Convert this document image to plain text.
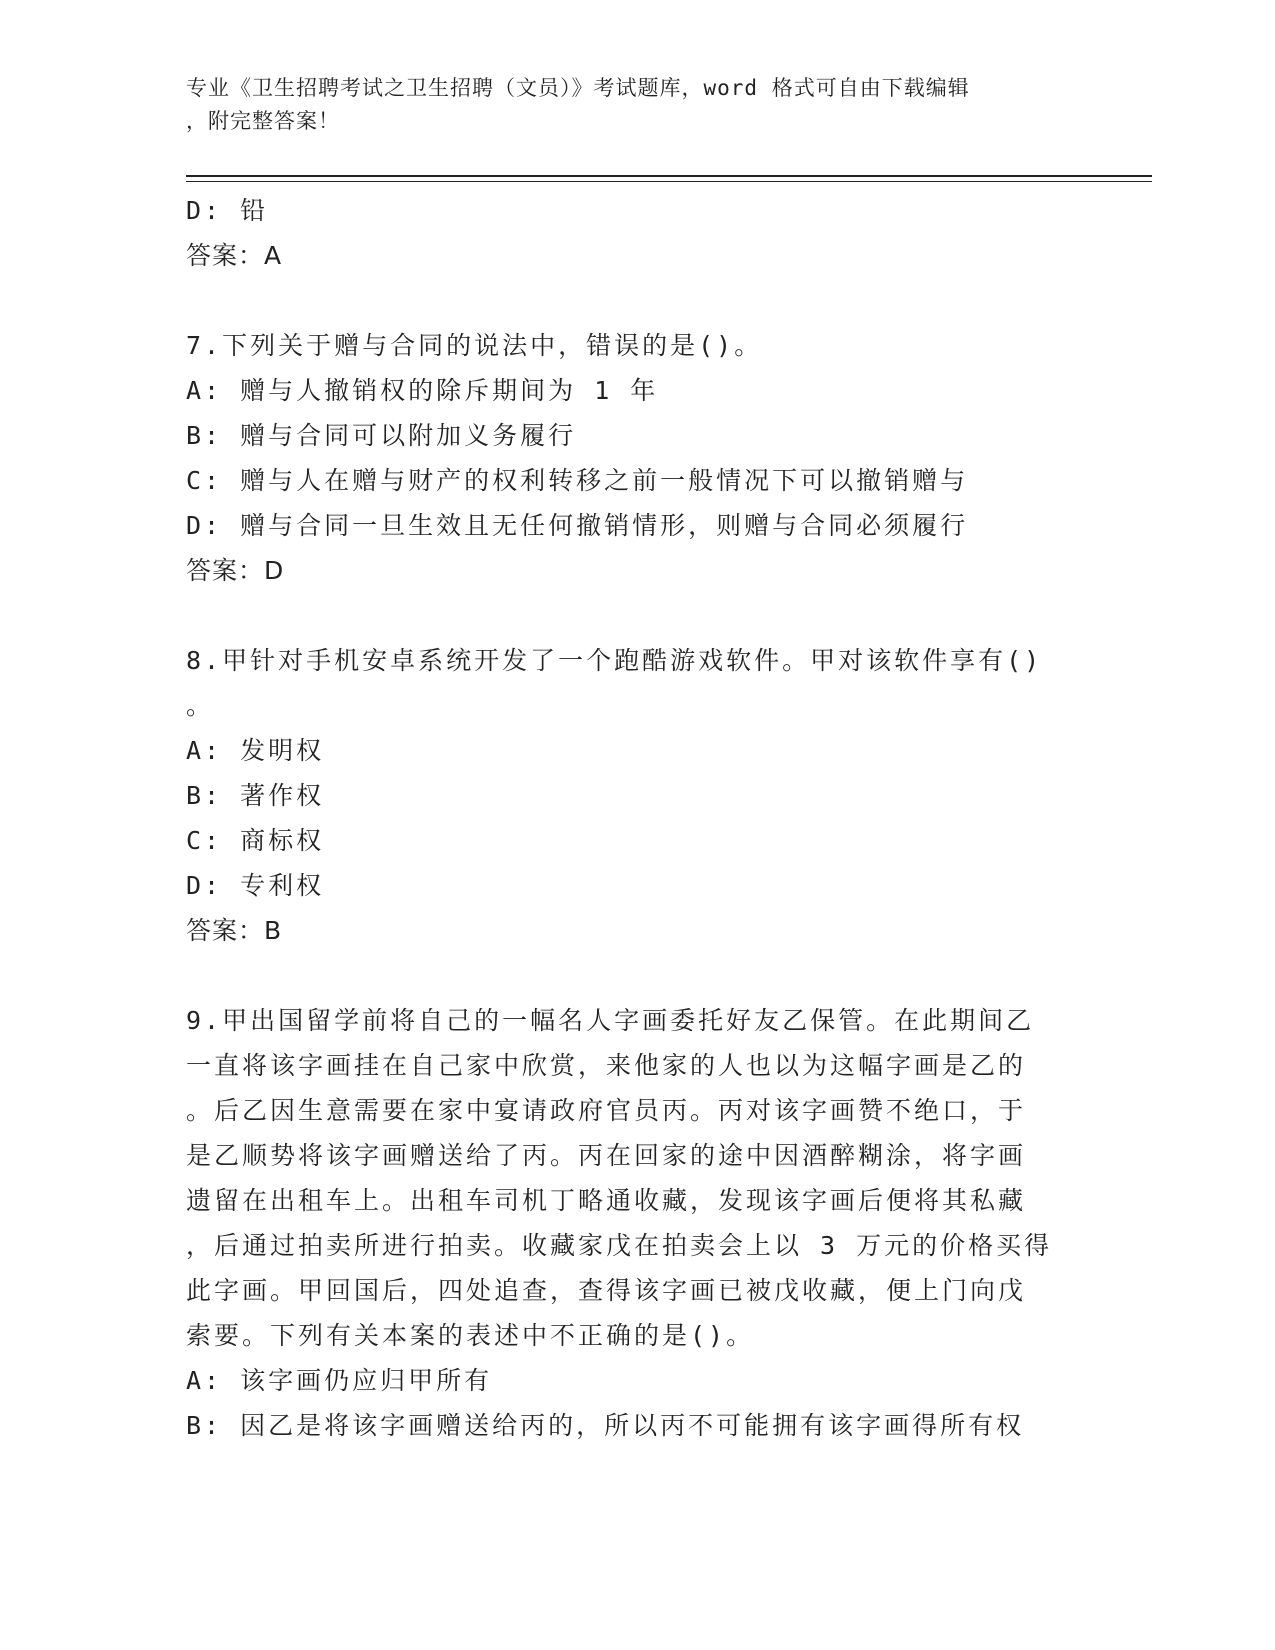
专业《卫生招聘考试之卫生招聘（文员）》考试题库，word 格式可自由下载编辑
，附完整答案！

D: 铅

答案：A

7.下列关于赠与合同的说法中，错误的是()。

A: 赠与人撤销权的除斥期间为 1 年

B: 赠与合同可以附加义务履行

C: 赠与人在赠与财产的权利转移之前一般情况下可以撤销赠与

D: 赠与合同一旦生效且无任何撤销情形，则赠与合同必须履行

答案：D

8.甲针对手机安卓系统开发了一个跑酷游戏软件。甲对该软件享有()

。

A: 发明权

B: 著作权

C: 商标权

D: 专利权

答案：B

9.甲出国留学前将自己的一幅名人字画委托好友乙保管。在此期间乙

一直将该字画挂在自己家中欣赏，来他家的人也以为这幅字画是乙的

。后乙因生意需要在家中宴请政府官员丙。丙对该字画赞不绝口，于

是乙顺势将该字画赠送给了丙。丙在回家的途中因酒醉糊涂，将字画

遗留在出租车上。出租车司机丁略通收藏，发现该字画后便将其私藏

，后通过拍卖所进行拍卖。收藏家戊在拍卖会上以 3 万元的价格买得

此字画。甲回国后，四处追查，查得该字画已被戊收藏，便上门向戊

索要。下列有关本案的表述中不正确的是()。

A: 该字画仍应归甲所有

B: 因乙是将该字画赠送给丙的，所以丙不可能拥有该字画得所有权
